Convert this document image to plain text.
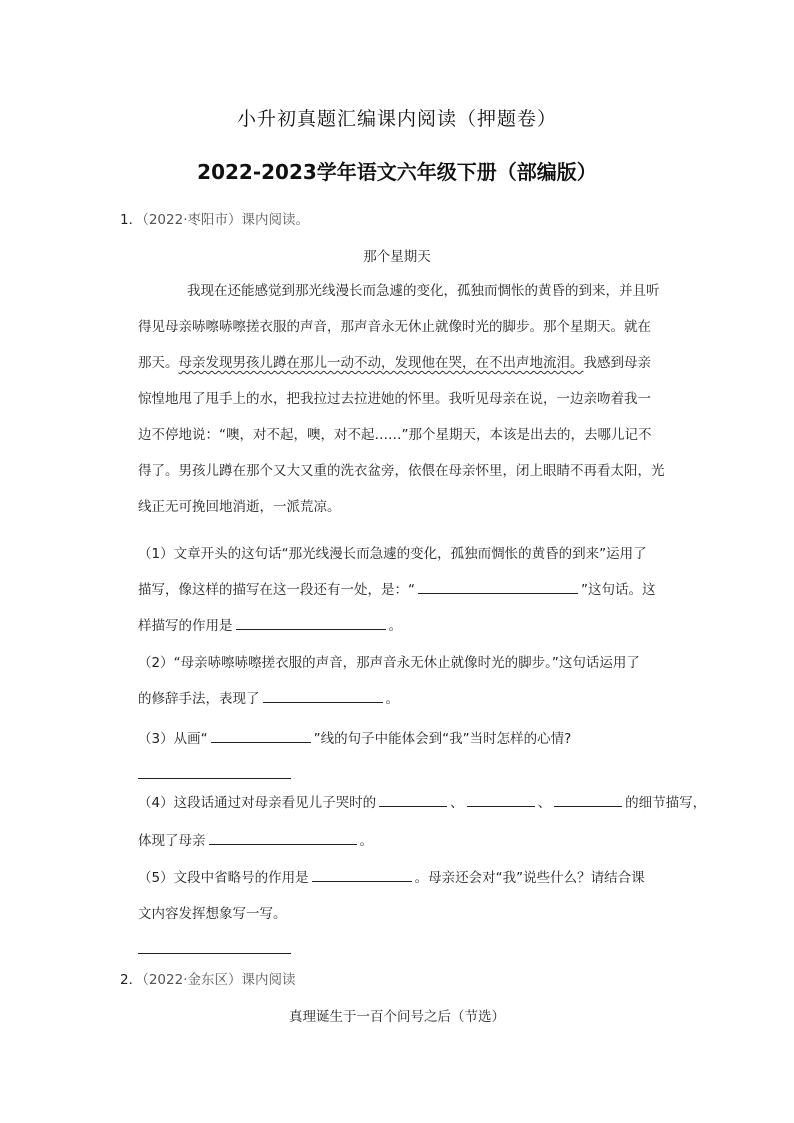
小升初真题汇编课内阅读（押题卷）
2022-2023学年语文六年级下册（部编版）
1．（2022·枣阳市）课内阅读。
那个星期天
我现在还能感觉到那光线漫长而急遽的变化，孤独而惆怅的黄昏的到来，并且听
得见母亲哧嚓哧嚓搓衣服的声音，那声音永无休止就像时光的脚步。那个星期天。就在
那天。母亲发现男孩儿蹲在那儿一动不动，发现他在哭，在不出声地流泪。我感到母亲
惊惶地甩了甩手上的水，把我拉过去拉进她的怀里。我听见母亲在说，一边亲吻着我一
边不停地说：“噢，对不起，噢，对不起……”那个星期天，本该是出去的，去哪儿记不
得了。男孩儿蹲在那个又大又重的洗衣盆旁，依偎在母亲怀里，闭上眼睛不再看太阳，光
线正无可挽回地消逝，一派荒凉。
（1）文章开头的这句话“那光线漫长而急遽的变化，孤独而惆怅的黄昏的到来”运用了
描写，像这样的描写在这一段还有一处，是：“	”这句话。这
样描写的作用是	。
（2）“母亲哧嚓哧嚓搓衣服的声音，那声音永无休止就像时光的脚步。”这句话运用了
的修辞手法，表现了	。
（3）从画“	”线的句子中能体会到“我”当时怎样的心情?
（4）这段话通过对母亲看见儿子哭时的	、	、	的细节描写，
体现了母亲	。
（5）文段中省略号的作用是	。母亲还会对“我”说些什么？请结合课
文内容发挥想象写一写。
2．（2022·金东区）课内阅读
真理诞生于一百个问号之后（节选）
